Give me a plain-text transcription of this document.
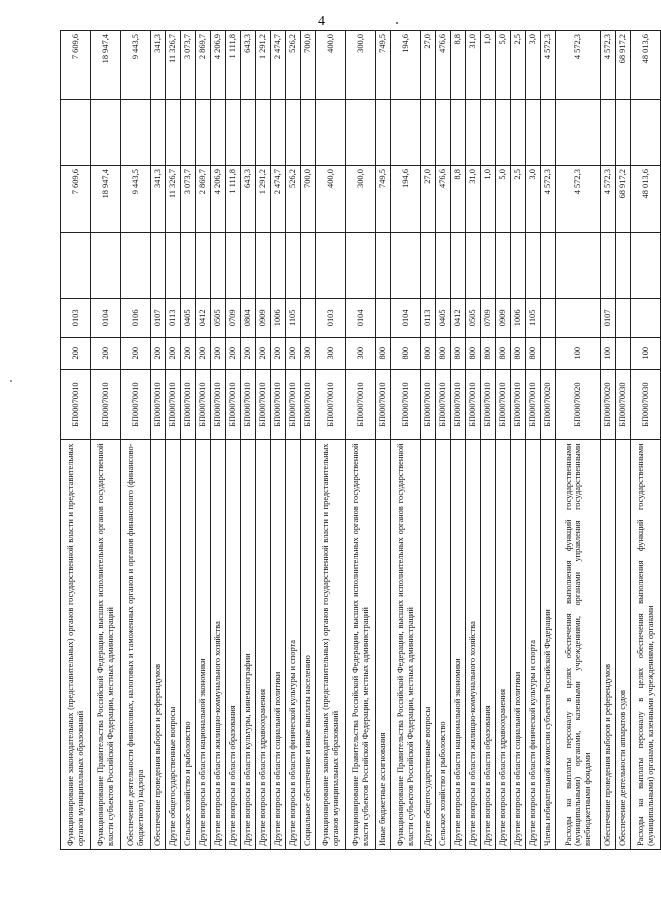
4
Функционирование законодательных (представительных) органов государственной власти и представительных органов муниципальных образований	БП00070010	200	0103		7 609,6		7 609,6
Функционирование Правительства Российской Федерации, высших исполнительных органов государственной власти субъектов Российской Федерации, местных администраций	БП00070010	200	0104		18 947,4		18 947,4
Обеспечение деятельности финансовых, налоговых и таможенных органов и органов финансового (финансово-бюджетного) надзора	БП00070010	200	0106		9 443,5		9 443,5
Обеспечение проведения выборов и референдумов	БП00070010	200	0107		341,3		341,3
Другие общегосударственные вопросы	БП00070010	200	0113		11 326,7		11 326,7
Сельское хозяйство и рыболовство	БП00070010	200	0405		3 073,7		3 073,7
Другие вопросы в области национальной экономики	БП00070010	200	0412		2 869,7		2 869,7
Другие вопросы в области жилищно-коммунального хозяйства	БП00070010	200	0505		4 206,9		4 206,9
Другие вопросы в области образования	БП00070010	200	0709		1 111,8		1 111,8
Другие вопросы в области культуры, кинематографии	БП00070010	200	0804		643,3		643,3
Другие вопросы в области здравоохранения	БП00070010	200	0909		1 291,2		1 291,2
Другие вопросы в области социальной политики	БП00070010	200	1006		2 474,7		2 474,7
Другие вопросы в области физической культуры и спорта	БП00070010	200	1105		526,2		526,2
Социальное обеспечение и иные выплаты населению	БП00070010	300			700,0		700,0
Функционирование законодательных (представительных) органов государственной власти и представительных органов муниципальных образований	БП00070010	300	0103		400,0		400,0
Функционирование Правительства Российской Федерации, высших исполнительных органов государственной власти субъектов Российской Федерации, местных администраций	БП00070010	300	0104		300,0		300,0
Иные бюджетные ассигнования	БП00070010	800			749,5		749,5
Функционирование Правительства Российской Федерации, высших исполнительных органов государственной власти субъектов Российской Федерации, местных администраций	БП00070010	800	0104		194,6		194,6
Другие общегосударственные вопросы	БП00070010	800	0113		27,0		27,0
Сельское хозяйство и рыболовство	БП00070010	800	0405		476,6		476,6
Другие вопросы в области национальной экономики	БП00070010	800	0412		8,8		8,8
Другие вопросы в области жилищно-коммунального хозяйства	БП00070010	800	0505		31,0		31,0
Другие вопросы в области образования	БП00070010	800	0709		1,0		1,0
Другие вопросы в области здравоохранения	БП00070010	800	0909		5,0		5,0
Другие вопросы в области социальной политики	БП00070010	800	1006		2,5		2,5
Другие вопросы в области физической культуры и спорта	БП00070010	800	1105		3,0		3,0
Члены избирательной комиссии субъектов Российской Федерации	БП00070020				4 572,3		4 572,3
Расходы на выплаты персоналу в целях обеспечения выполнения функций государственными (муниципальными) органами, казенными учреждениями, органами управления государственными внебюджетными фондами	БП00070020	100			4 572,3		4 572,3
Обеспечение проведения выборов и референдумов	БП00070020	100	0107		4 572,3		4 572,3
Обеспечение деятельности аппаратов судов	БП00070030				68 917,2		68 917,2
Расходы на выплаты персоналу в целях обеспечения выполнения функций государственными (муниципальными) органами, казенными учреждениями, органами	БП00070030	100			48 013,6		48 013,6
